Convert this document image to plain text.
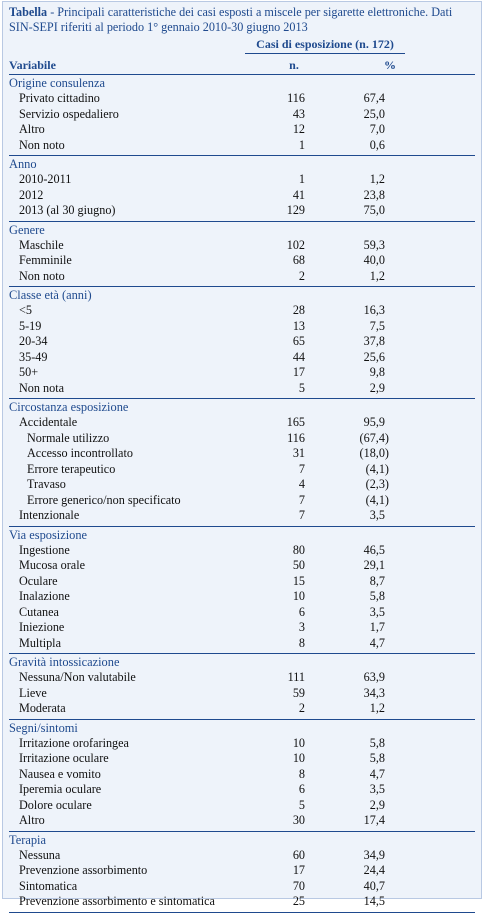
Tabella - Principali caratteristiche dei casi esposti a miscele per sigarette elettroniche. Dati SIN-SEPI riferiti al periodo 1° gennaio 2010-30 giugno 2013
Casi di esposizione (n. 172)
Variabile	n.	%
Origine consulenza
Privato cittadino	116	67,4
Servizio ospedaliero	43	25,0
Altro	12	7,0
Non noto	1	0,6
Anno
2010-2011	1	1,2
2012	41	23,8
2013 (al 30 giugno)	129	75,0
Genere
Maschile	102	59,3
Femminile	68	40,0
Non noto	2	1,2
Classe età (anni)
<5	28	16,3
5-19	13	7,5
20-34	65	37,8
35-49	44	25,6
50+	17	9,8
Non nota	5	2,9
Circostanza esposizione
Accidentale	165	95,9
Normale utilizzo	116	(67,4)
Accesso incontrollato	31	(18,0)
Errore terapeutico	7	(4,1)
Travaso	4	(2,3)
Errore generico/non specificato	7	(4,1)
Intenzionale	7	3,5
Via esposizione
Ingestione	80	46,5
Mucosa orale	50	29,1
Oculare	15	8,7
Inalazione	10	5,8
Cutanea	6	3,5
Iniezione	3	1,7
Multipla	8	4,7
Gravità intossicazione
Nessuna/Non valutabile	111	63,9
Lieve	59	34,3
Moderata	2	1,2
Segni/sintomi
Irritazione orofaringea	10	5,8
Irritazione oculare	10	5,8
Nausea e vomito	8	4,7
Iperemia oculare	6	3,5
Dolore oculare	5	2,9
Altro	30	17,4
Terapia
Nessuna	60	34,9
Prevenzione assorbimento	17	24,4
Sintomatica	70	40,7
Prevenzione assorbimento e sintomatica	25	14,5
